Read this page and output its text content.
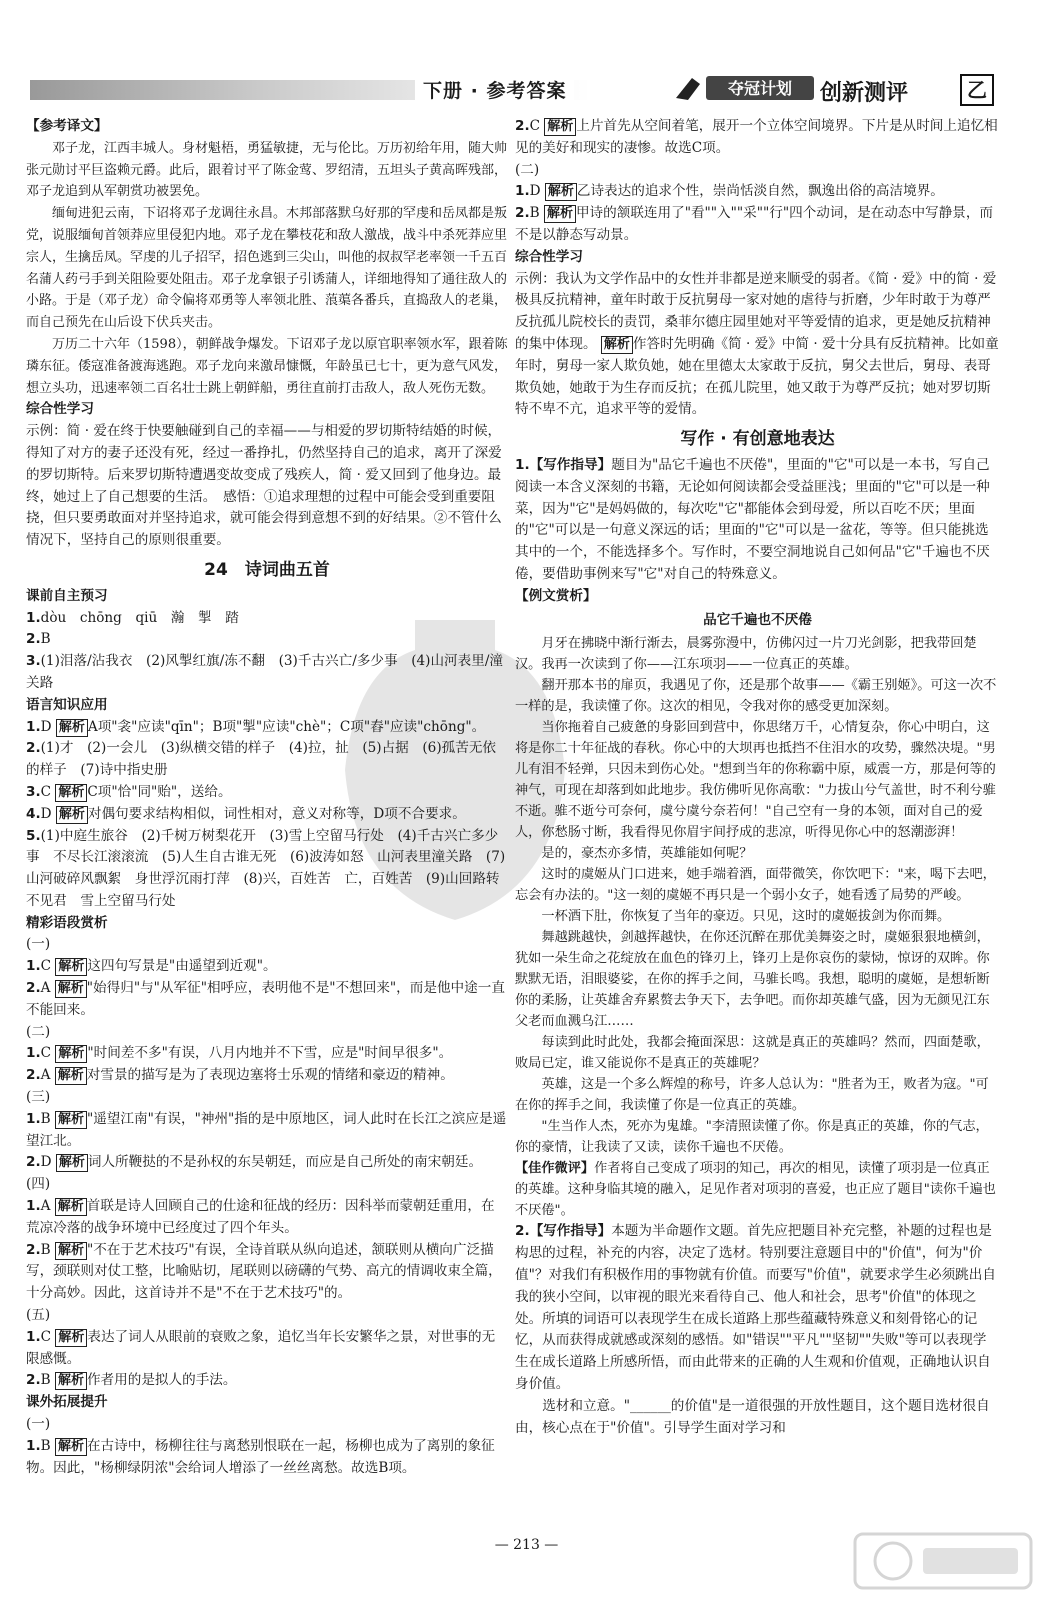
下册 · 参考答案	夺冠计划 创新测评	乙

【参考译文】

邓子龙，江西丰城人。身材魁梧，勇猛敏捷，无与伦比。万历初给年用，随大帅张元勋讨平巨盗赖元爵。此后，跟着讨平了陈金莺、罗绍清，五坦头子黄高晖残部，邓子龙追到从军朝赏功被罢免。

缅甸进犯云南，下诏将邓子龙调往永昌。木邦部落默乌好那的罕虔和岳凤都是叛党，说服缅甸首领莽应里侵犯内地。邓子龙在攀枝花和敌人激战，战斗中杀死莽应里宗人，生擒岳凤。罕虔的儿子招罕，招色逃到三尖山，叫他的叔叔罕老率领一千五百名蒲人药弓手到关阻险要处阻击。邓子龙拿银子引诱蒲人，详细地得知了通往敌人的小路。于是（邓子龙）命令偏将邓勇等人率领北胜、蒗蕖各番兵，直捣敌人的老巢，而自己预先在山后设下伏兵夹击。

万历二十六年（1598），朝鲜战争爆发。下诏邓子龙以原官职率领水军，跟着陈璘东征。倭寇准备渡海逃跑。邓子龙向来激昂慷慨，年龄虽已七十，更为意气风发，想立头功，迅速率领二百名壮士跳上朝鲜船，勇往直前打击敌人，敌人死伤无数。

综合性学习

示例：简 · 爱在终于快要触碰到自己的幸福——与相爱的罗切斯特结婚的时候，得知了对方的妻子还没有死，经过一番挣扎，仍然坚持自己的追求，离开了深爱的罗切斯特。后来罗切斯特遭遇变故变成了残疾人，简 · 爱又回到了他身边。最终，她过上了自己想要的生活。　感悟：①追求理想的过程中可能会受到重要阻挠，但只要勇敢面对并坚持追求，就可能会得到意想不到的好结果。②不管什么情况下，坚持自己的原则很重要。

24　诗词曲五首

课前自主预习

1.dòu　chōng　qiū　瀚　掣　踏

2.B

3.(1)泪落/沾我衣　(2)风掣红旗/冻不翻　(3)千古兴亡/多少事　(4)山河表里/潼关路

语言知识应用

1.D 解析 A项"衾"应读"qīn"；B项"掣"应读"chè"；C项"舂"应读"chōng"。

2.(1)才　(2)一会儿　(3)纵横交错的样子　(4)拉，扯　(5)占据　(6)孤苦无依的样子　(7)诗中指史册

3.C 解析 C项"恰"同"贻"，送给。

4.D 解析 对偶句要求结构相似，词性相对，意义对称等，D项不合要求。

5.(1)中庭生旅谷　(2)千树万树梨花开　(3)雪上空留马行处　(4)千古兴亡多少事　不尽长江滚滚流　(5)人生自古谁无死　(6)波涛如怒　山河表里潼关路　(7)山河破碎风飘絮　身世浮沉雨打萍　(8)兴，百姓苦　亡，百姓苦　(9)山回路转不见君　雪上空留马行处

精彩语段赏析

(一)

1.C 解析 这四句写景是"由遥望到近观"。

2.A 解析 "始得归"与"从军征"相呼应，表明他不是"不想回来"，而是他中途一直不能回来。

(二)

1.C 解析 "时间差不多"有误，八月内地并不下雪，应是"时间早很多"。

2.A 解析 对雪景的描写是为了表现边塞将士乐观的情绪和豪迈的精神。

(三)

1.B 解析 "遥望江南"有误，"神州"指的是中原地区，词人此时在长江之滨应是遥望江北。

2.D 解析 词人所鞭挞的不是孙权的东吴朝廷，而应是自己所处的南宋朝廷。

(四)

1.A 解析 首联是诗人回顾自己的仕途和征战的经历：因科举而蒙朝廷重用，在荒凉冷落的战争环境中已经度过了四个年头。

2.B 解析 "不在于艺术技巧"有误，全诗首联从纵向追述，颔联则从横向广泛描写，颈联则对仗工整，比喻贴切，尾联则以磅礴的气势、高亢的情调收束全篇，十分高妙。因此，这首诗并不是"不在于艺术技巧"的。

(五)

1.C 解析 表达了词人从眼前的衰败之象，追忆当年长安繁华之景，对世事的无限感慨。

2.B 解析 作者用的是拟人的手法。

课外拓展提升

(一)

1.B 解析 在古诗中，杨柳往往与离愁别恨联在一起，杨柳也成为了离别的象征物。因此，"杨柳绿阴浓"会给词人增添了一丝丝离愁。故选B项。

2.C 解析 上片首先从空间着笔，展开一个立体空间境界。下片是从时间上追忆相见的美好和现实的凄惨。故选C项。

(二)

1.D 解析 乙诗表达的追求个性，崇尚恬淡自然，飘逸出俗的高洁境界。

2.B 解析 甲诗的颔联连用了"看""入""采""行"四个动词，是在动态中写静景，而不是以静态写动景。

综合性学习

示例：我认为文学作品中的女性并非都是逆来顺受的弱者。《简 · 爱》中的简 · 爱极具反抗精神，童年时敢于反抗舅母一家对她的虐待与折磨，少年时敢于为尊严反抗孤儿院校长的责罚，桑菲尔德庄园里她对平等爱情的追求，更是她反抗精神的集中体现。 解析 作答时先明确《简 · 爱》中简 · 爱十分具有反抗精神。比如童年时，舅母一家人欺负她，她在里德太太家敢于反抗，舅父去世后，舅母、表哥欺负她，她敢于为生存而反抗；在孤儿院里，她又敢于为尊严反抗；她对罗切斯特不卑不亢，追求平等的爱情。

写作 · 有创意地表达

1.【写作指导】题目为"品它千遍也不厌倦"，里面的"它"可以是一本书，写自己阅读一本含义深刻的书籍，无论如何阅读都会受益匪浅；里面的"它"可以是一种菜，因为"它"是妈妈做的，每次吃"它"都能体会到母爱，所以百吃不厌；里面的"它"可以是一句意义深远的话；里面的"它"可以是一盆花，等等。但只能挑选其中的一个，不能选择多个。写作时，不要空洞地说自己如何品"它"千遍也不厌倦，要借助事例来写"它"对自己的特殊意义。

【例文赏析】

品它千遍也不厌倦

月牙在拂晓中渐行渐去，晨雾弥漫中，仿佛闪过一片刀光剑影，把我带回楚汉。我再一次读到了你——江东项羽——一位真正的英雄。

翻开那本书的扉页，我遇见了你，还是那个故事——《霸王别姬》。可这一次不一样的是，我读懂了你。这次的相见，令我对你的感受更加深刻。

当你拖着自己疲惫的身影回到营中，你思绪万千，心情复杂，你心中明白，这将是你二十年征战的春秋。你心中的大坝再也抵挡不住泪水的攻势，骤然决堤。"男儿有泪不轻弹，只因未到伤心处。"想到当年的你称霸中原，威震一方，那是何等的神气，可现在却落到如此地步。我仿佛听见你高歌："力拔山兮气盖世，时不利兮骓不逝。骓不逝兮可奈何，虞兮虞兮奈若何！"自己空有一身的本领，面对自己的爱人，你愁肠寸断，我看得见你眉宇间抒成的悲凉，听得见你心中的怒潮澎湃！

是的，豪杰亦多情，英雄能如何呢？

这时的虞姬从门口进来，她手端着酒，面带微笑，你饮吧下："来，喝下去吧，忘会有办法的。"这一刻的虞姬不再只是一个弱小女子，她看透了局势的严峻。

一杯酒下肚，你恢复了当年的豪迈。只见，这时的虞姬拔剑为你而舞。

舞越跳越快，剑越挥越快，在你还沉醉在那优美舞姿之时，虞姬狠狠地横剑，犹如一朵生命之花绽放在血色的锋刃上，锋刃上是你哀伤的蒙恸，惊讶的双眸。你默默无语，泪眼婆娑，在你的挥手之间，马骓长鸣。我想，聪明的虞姬，是想斩断你的柔肠，让英雄舍弃累赘去争天下，去争吧。而你却英雄气盛，因为无颜见江东父老而血溅乌江……

每读到此时此处，我都会掩面深思：这就是真正的英雄吗？然而，四面楚歌，败局已定，谁又能说你不是真正的英雄呢？

英雄，这是一个多么辉煌的称号，许多人总认为："胜者为王，败者为寇。"可在你的挥手之间，我读懂了你是一位真正的英雄。

"生当作人杰，死亦为鬼雄。"李清照读懂了你。你是真正的英雄，你的气志，你的豪情，让我读了又读，读你千遍也不厌倦。

【佳作微评】作者将自己变成了项羽的知己，再次的相见，读懂了项羽是一位真正的英雄。这种身临其境的融入，足见作者对项羽的喜爱，也正应了题目"读你千遍也不厌倦"。

2.【写作指导】本题为半命题作文题。首先应把题目补充完整，补题的过程也是构思的过程，补充的内容，决定了选材。特别要注意题目中的"价值"，何为"价值"？对我们有积极作用的事物就有价值。而要写"价值"，就要求学生必须跳出自我的狭小空间，以审视的眼光来看待自己、他人和社会，思考"价值"的体现之处。所填的词语可以表现学生在成长道路上那些蕴藏特殊意义和刻骨铭心的记忆，从而获得成就感或深刻的感悟。如"错误""平凡""坚韧""失败"等可以表现学生在成长道路上所感所悟，而由此带来的正确的人生观和价值观，正确地认识自身价值。

选材和立意。"______的价值"是一道很强的开放性题目，这个题目选材很自由，核心点在于"价值"。引导学生面对学习和

— 213 —
